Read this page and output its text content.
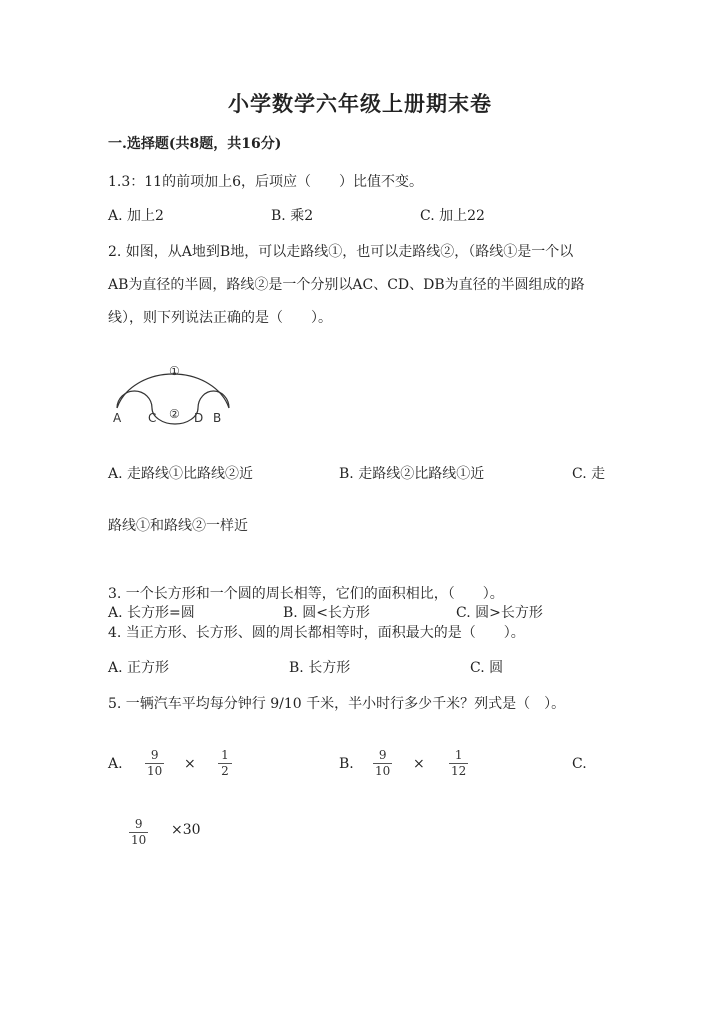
小学数学六年级上册期末卷
一.选择题(共8题，共16分)
1.3：11的前项加上6，后项应（　　）比值不变。
A. 加上2	B. 乘2	C. 加上22
2. 如图，从A地到B地，可以走路线①，也可以走路线②，（路线①是一个以
AB为直径的半圆，路线②是一个分别以AC、CD、DB为直径的半圆组成的路
线），则下列说法正确的是（　　）。
①
②
A C	D B
A. 走路线①比路线②近	B. 走路线②比路线①近	C. 走
路线①和路线②一样近
3. 一个长方形和一个圆的周长相等，它们的面积相比，（　　）。
A. 长方形=圆	B. 圆<长方形	C. 圆>长方形
4. 当正方形、长方形、圆的周长都相等时，面积最大的是（　　）。
A. 正方形	B. 长方形	C. 圆
5. 一辆汽车平均每分钟行 9/10 千米，半小时行多少千米？列式是（　）。
A.
9
10 ×
1
2	B.
9
10 ×
1
12	C.
9
10
×30
